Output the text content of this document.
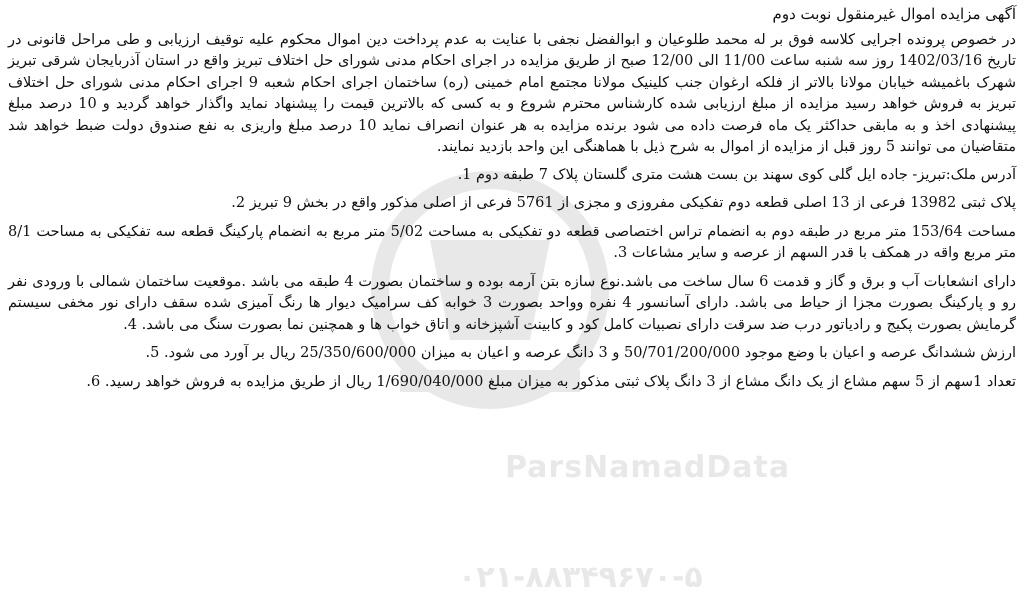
ParsNamadData
۰۲۱-۸۸۳۴۹۶۷۰-۵
آگهی مزایده اموال غیرمنقول نوبت دوم
در خصوص پرونده اجرایی کلاسه فوق بر له محمد طلوعیان و ابوالفضل نجفی با عنایت به عدم پرداخت دین اموال محکوم علیه توقیف ارزیابی و طی مراحل قانونی در تاریخ 1402/03/16 روز سه شنبه ساعت 11/00 الی 12/00 صبح از طریق مزایده در اجرای احکام مدنی شورای حل اختلاف تبریز واقع در استان آذربایجان شرقی تبریز شهرک باغمیشه خیابان مولانا بالاتر از فلکه ارغوان جنب کلینیک مولانا مجتمع امام خمینی (ره) ساختمان اجرای احکام شعبه 9 اجرای احکام مدنی شورای حل اختلاف تبریز به فروش خواهد رسید مزایده از مبلغ ارزیابی شده کارشناس محترم شروع و به کسی که بالاترین قیمت را پیشنهاد نماید واگذار خواهد گردید و 10 درصد مبلغ پیشنهادی اخذ و به مابقی حداکثر یک ماه فرصت داده می شود برنده مزایده به هر عنوان انصراف نماید 10 درصد مبلغ واریزی به نفع صندوق دولت ضبط خواهد شد متقاضیان می توانند 5 روز قبل از مزایده از اموال به شرح ذیل با هماهنگی این واحد بازدید نمایند.
آدرس ملک:تبریز- جاده ایل گلی کوی سهند بن بست هشت متری گلستان پلاک 7 طبقه دوم 1.
پلاک ثبتی 13982 فرعی از 13 اصلی قطعه دوم تفکیکی مفروزی و مجزی از 5761 فرعی از اصلی مذکور واقع در بخش 9 تبریز 2.
مساحت 153/64 متر مربع در طبقه دوم به انضمام تراس اختصاصی قطعه دو تفکیکی به مساحت 5/02 متر مربع به انضمام پارکینگ قطعه سه تفکیکی به مساحت 8/1 متر مربع واقه در همکف با قدر السهم از عرصه و سایر مشاعات 3.
دارای انشعابات آب و برق و گاز و قدمت 6 سال ساخت می باشد.نوع سازه بتن آرمه بوده و ساختمان بصورت 4 طبقه می باشد .موقعیت ساختمان شمالی با ورودی نفر رو و پارکینگ بصورت مجزا از حیاط می باشد. دارای آسانسور 4 نفره وواحد بصورت 3 خوابه کف سرامیک دیوار ها رنگ آمیزی شده سقف دارای نور مخفی سیستم گرمایش بصورت پکیج و رادیاتور درب ضد سرقت دارای نصبیات کامل کود و کابینت آشپزخانه و اتاق خواب ها و همچنین نما بصورت سنگ می باشد. 4.
ارزش ششدانگ عرصه و اعیان با وضع موجود 50/701/200/000 و 3 دانگ عرصه و اعیان به میزان 25/350/600/000 ریال بر آورد می شود. 5.
تعداد 1سهم از 5 سهم مشاع از یک دانگ مشاع از 3 دانگ پلاک ثبتی مذکور به میزان مبلغ 1/690/040/000 ریال از طریق مزایده به فروش خواهد رسید. 6.
